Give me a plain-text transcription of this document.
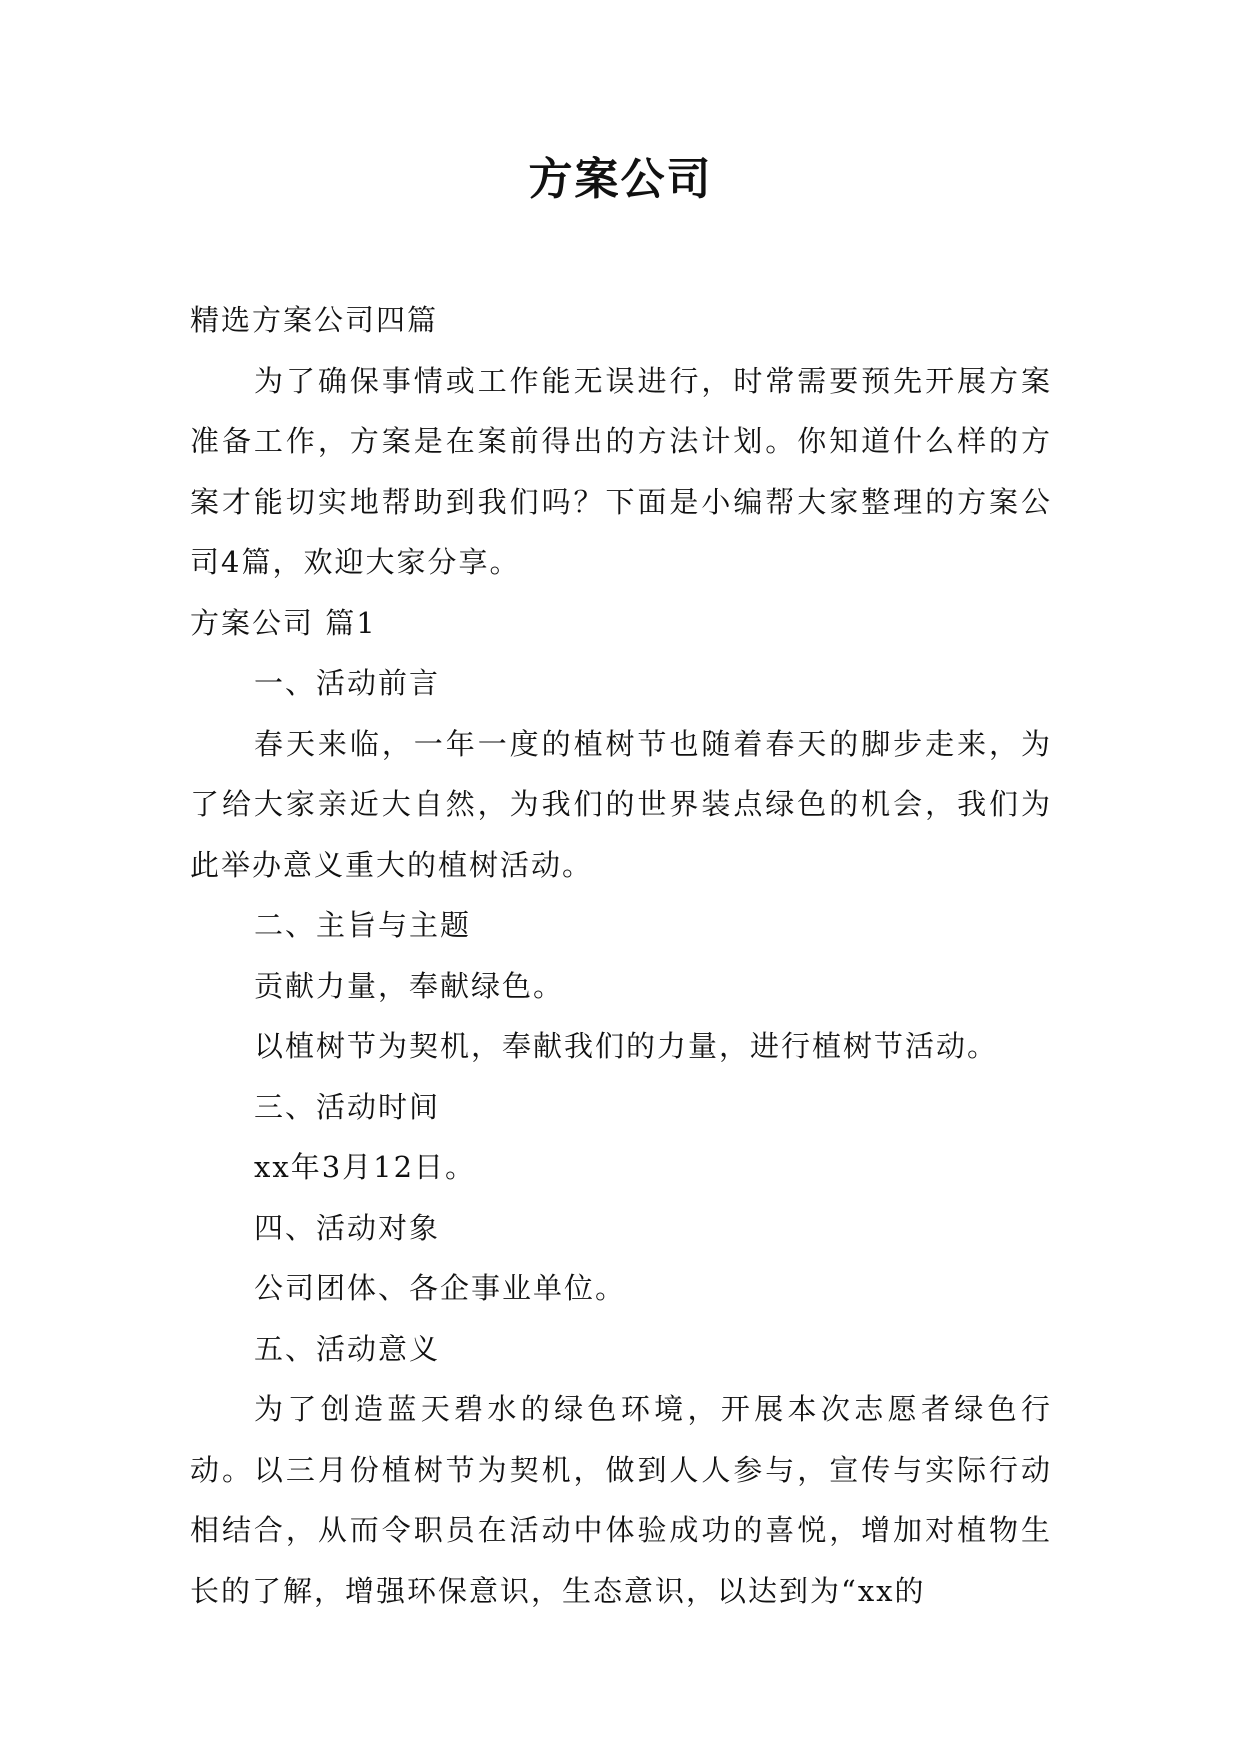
方案公司

精选方案公司四篇

为了确保事情或工作能无误进行，时常需要预先开展方案准备工作，方案是在案前得出的方法计划。你知道什么样的方案才能切实地帮助到我们吗？下面是小编帮大家整理的方案公司4篇，欢迎大家分享。

方案公司 篇1

一、活动前言

春天来临，一年一度的植树节也随着春天的脚步走来，为了给大家亲近大自然，为我们的世界装点绿色的机会，我们为此举办意义重大的植树活动。

二、主旨与主题

贡献力量，奉献绿色。

以植树节为契机，奉献我们的力量，进行植树节活动。

三、活动时间

xx年3月12日。

四、活动对象

公司团体、各企事业单位。

五、活动意义

为了创造蓝天碧水的绿色环境，开展本次志愿者绿色行动。以三月份植树节为契机，做到人人参与，宣传与实际行动相结合，从而令职员在活动中体验成功的喜悦，增加对植物生长的了解，增强环保意识，生态意识，以达到为“xx的
